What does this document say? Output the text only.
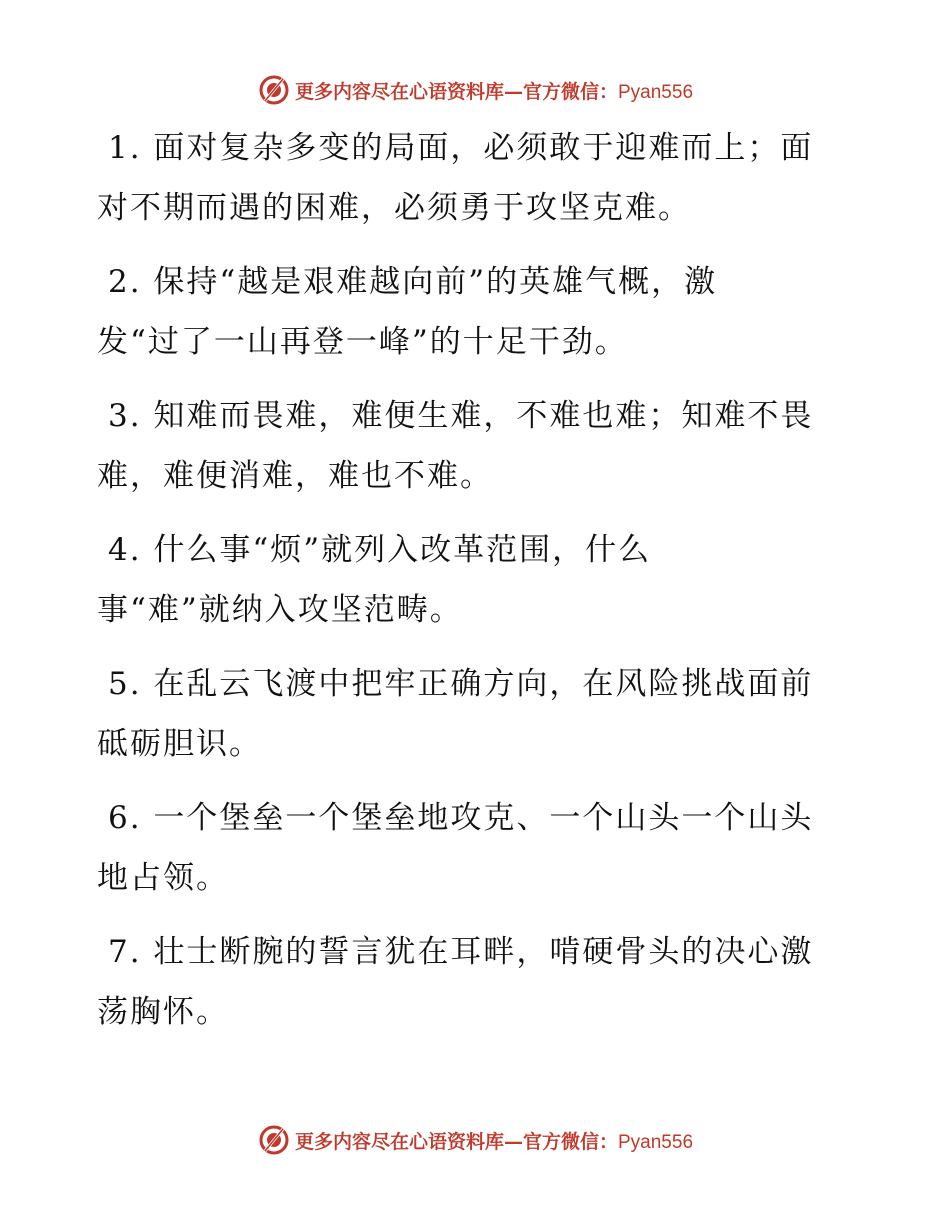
更多内容尽在心语资料库—官方微信：Pyan556
1. 面对复杂多变的局面，必须敢于迎难而上；面
对不期而遇的困难，必须勇于攻坚克难。
2. 保持“越是艰难越向前”的英雄气概，激
发“过了一山再登一峰”的十足干劲。
3. 知难而畏难，难便生难，不难也难；知难不畏
难，难便消难，难也不难。
4. 什么事“烦”就列入改革范围，什么
事“难”就纳入攻坚范畴。
5. 在乱云飞渡中把牢正确方向，在风险挑战面前
砥砺胆识。
6. 一个堡垒一个堡垒地攻克、一个山头一个山头
地占领。
7. 壮士断腕的誓言犹在耳畔，啃硬骨头的决心激
荡胸怀。
更多内容尽在心语资料库—官方微信：Pyan556
